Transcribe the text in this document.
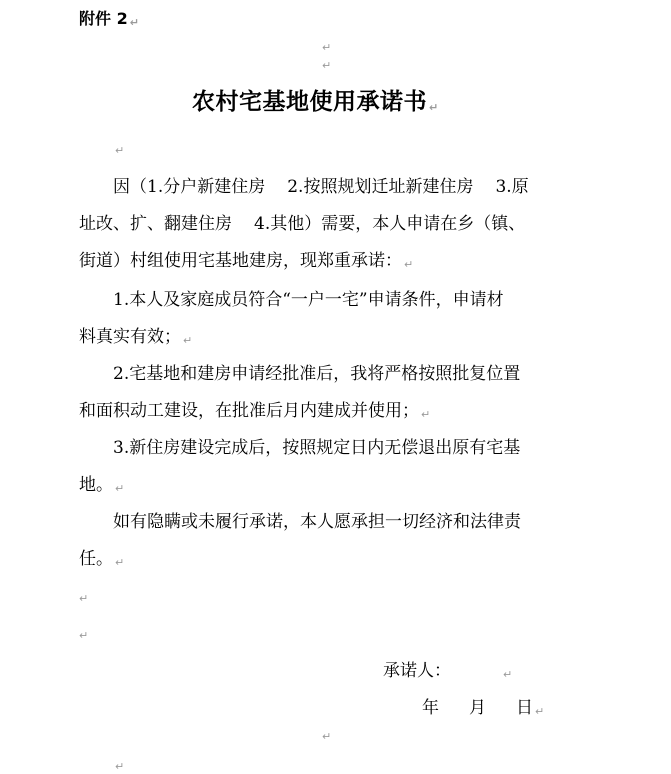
附件 2 ↵
↵
↵
农村宅基地使用承诺书 ↵
↵
因（1.分户新建住房 2.按照规划迁址新建住房 3.原
址改、扩、翻建住房 4.其他）需要，本人申请在乡（镇、
街道）村组使用宅基地建房，现郑重承诺： ↵
1.本人及家庭成员符合“一户一宅”申请条件，申请材
料真实有效； ↵
2.宅基地和建房申请经批准后，我将严格按照批复位置
和面积动工建设，在批准后月内建成并使用； ↵
3.新住房建设完成后，按照规定日内无偿退出原有宅基
地。 ↵
如有隐瞒或未履行承诺，本人愿承担一切经济和法律责
任。 ↵
↵
↵
承诺人：	↵
年 月 日 ↵
↵
↵
